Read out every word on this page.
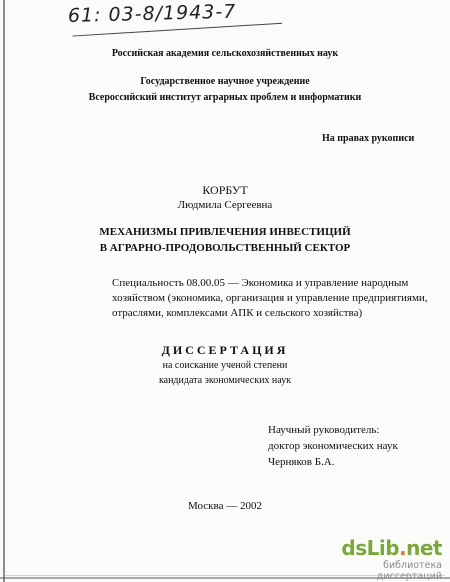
61: 03-8/1943-7
Российская академия сельскохозяйственных наук
Государственное научное учреждение
Всероссийский институт аграрных проблем и информатики
На правах рукописи
КОРБУТ
Людмила Сергеевна
МЕХАНИЗМЫ ПРИВЛЕЧЕНИЯ ИНВЕСТИЦИЙ
В АГРАРНО-ПРОДОВОЛЬСТВЕННЫЙ СЕКТОР
Специальность 08.00.05 — Экономика и управление народным
хозяйством (экономика, организация и управление предприятиями,
отраслями, комплексами АПК и сельского хозяйства)
ДИССЕРТАЦИЯ
на соискание ученой степени
кандидата экономических наук
Научный руководитель:
доктор экономических наук
Черняков Б.А.
Москва — 2002
dsLib.net
библиотека диссертаций
